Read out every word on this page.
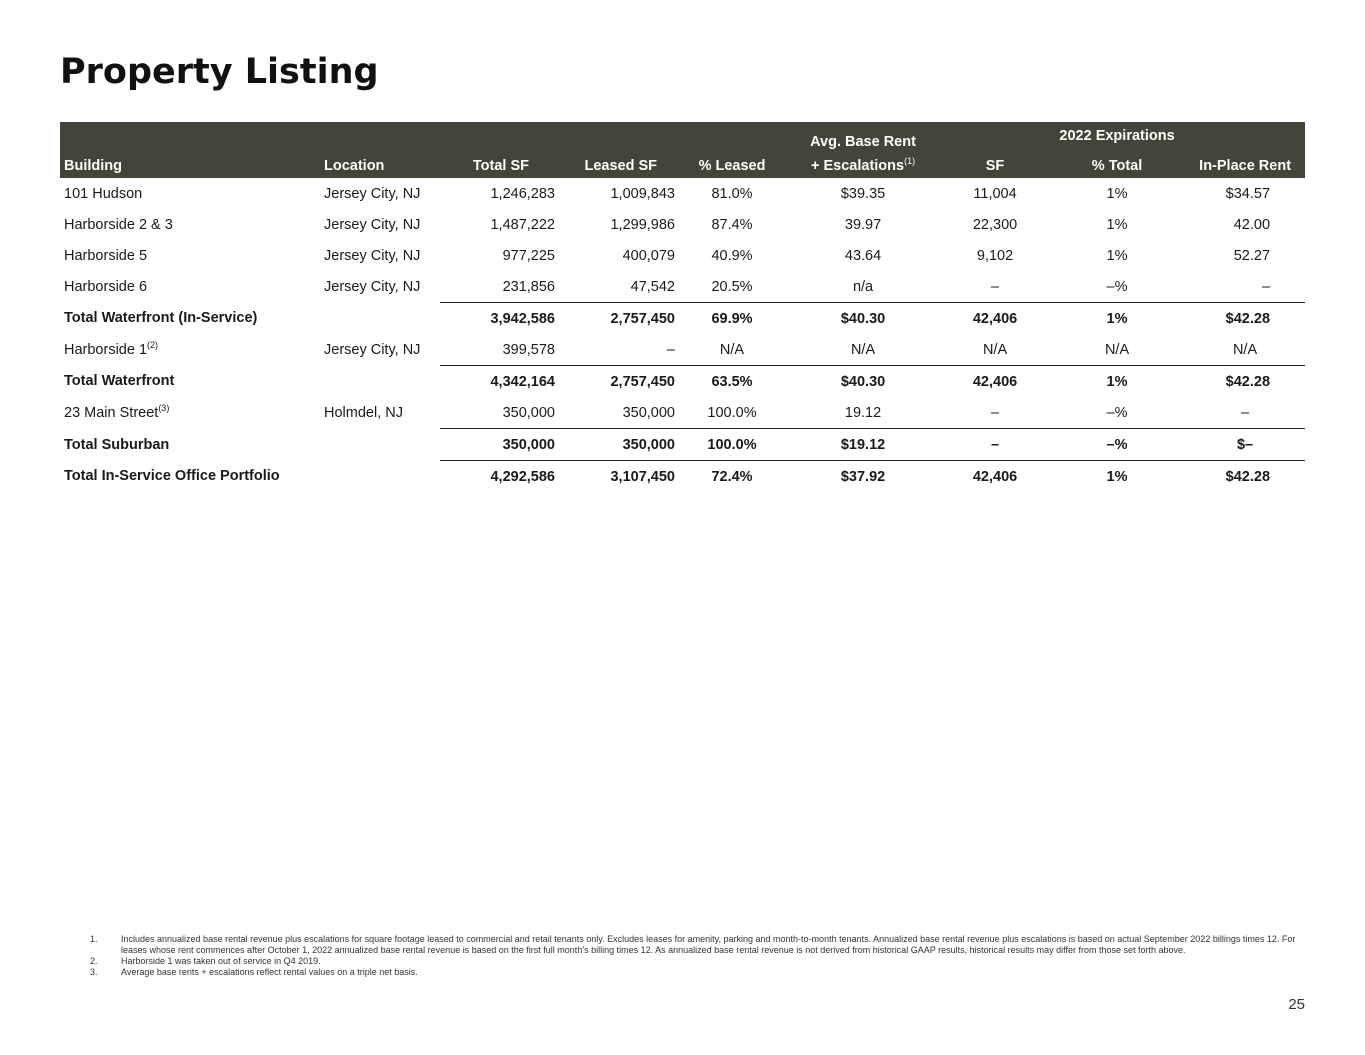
Property Listing
					Avg. Base Rent		2022 Expirations	
Building	Location	Total SF	Leased SF	% Leased	+ Escalations$^{(1)}$	SF	% Total	In-Place Rent
101 Hudson	Jersey City, NJ	1,246,283	1,009,843	81.0%	$39.35	11,004	1%	$34.57
Harborside 2 & 3	Jersey City, NJ	1,487,222	1,299,986	87.4%	39.97	22,300	1%	42.00
Harborside 5	Jersey City, NJ	977,225	400,079	40.9%	43.64	9,102	1%	52.27
Harborside 6	Jersey City, NJ	231,856	47,542	20.5%	n/a	–	–%	–
Total Waterfront (In-Service)		3,942,586	2,757,450	69.9%	$40.30	42,406	1%	$42.28
Harborside 1$^{(2)}$	Jersey City, NJ	399,578	–	N/A	N/A	N/A	N/A	N/A
Total Waterfront		4,342,164	2,757,450	63.5%	$40.30	42,406	1%	$42.28
23 Main Street$^{(3)}$	Holmdel, NJ	350,000	350,000	100.0%	19.12	–	–%	–
Total Suburban		350,000	350,000	100.0%	$19.12	–	–%	$–
Total In-Service Office Portfolio		4,292,586	3,107,450	72.4%	$37.92	42,406	1%	$42.28
1.	Includes annualized base rental revenue plus escalations for square footage leased to commercial and retail tenants only. Excludes leases for amenity, parking and month-to-month tenants. Annualized base rental revenue plus escalations is based on actual September 2022 billings times 12. For leases whose rent commences after October 1, 2022 annualized base rental revenue is based on the first full month’s billing times 12. As annualized base rental revenue is not derived from historical GAAP results, historical results may differ from those set forth above.
2.	Harborside 1 was taken out of service in Q4 2019.
3.	Average base rents + escalations reflect rental values on a triple net basis.
25
